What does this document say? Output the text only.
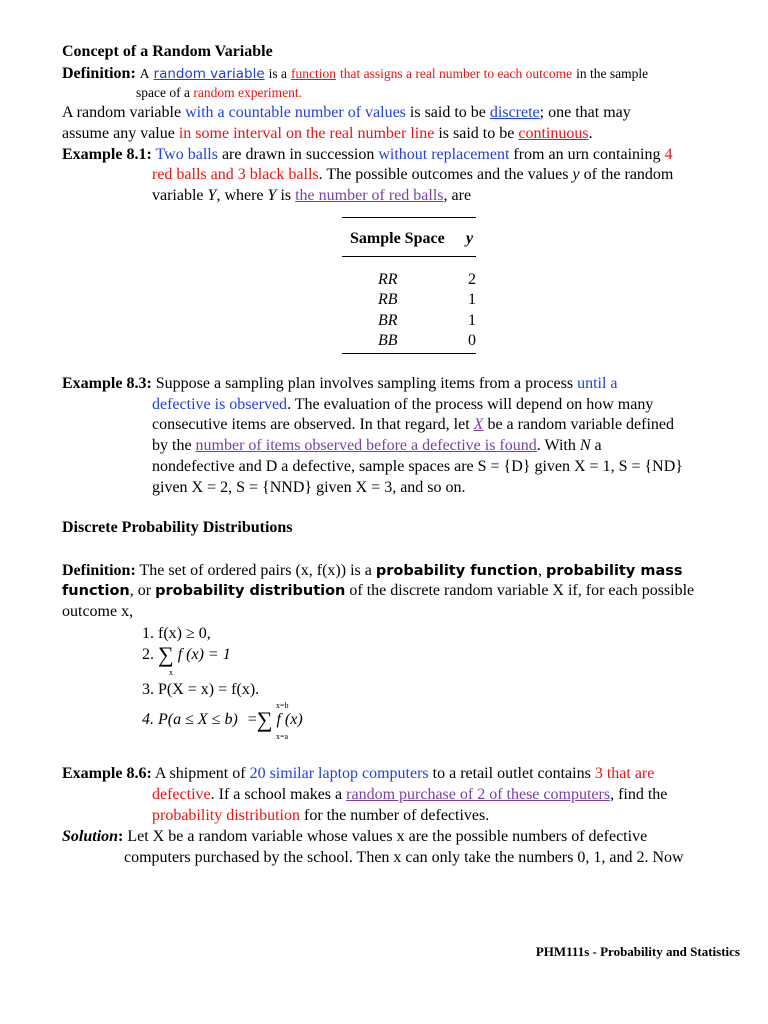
Concept of a Random Variable
Definition: A random variable is a function that assigns a real number to each outcome in the sample
space of a random experiment.
A random variable with a countable number of values is said to be discrete; one that may
assume any value in some interval on the real number line is said to be continuous.
Example 8.1: Two balls are drawn in succession without replacement from an urn containing 4
red balls and 3 black balls. The possible outcomes and the values y of the random
variable Y, where Y is the number of red balls, are
Sample Space y
RR	2
RB	1
BR	1
BB	0
Example 8.3: Suppose a sampling plan involves sampling items from a process until a
defective is observed. The evaluation of the process will depend on how many
consecutive items are observed. In that regard, let X be a random variable defined
by the number of items observed before a defective is found. With N a
nondefective and D a defective, sample spaces are S = {D} given X = 1, S = {ND}
given X = 2, S = {NND} given X = 3, and so on.
Discrete Probability Distributions
Definition: The set of ordered pairs (x, f(x)) is a probability function, probability mass
function, or probability distribution of the discrete random variable X if, for each possible
outcome x,
1. f(x) ≥ 0,
2. ∑ f (x) = 1
x
3. P(X = x) = f(x).
x=b
4. P(a ≤ X ≤ b) =∑ f (x)
x=a
Example 8.6: A shipment of 20 similar laptop computers to a retail outlet contains 3 that are
defective. If a school makes a random purchase of 2 of these computers, find the
probability distribution for the number of defectives.
Solution: Let X be a random variable whose values x are the possible numbers of defective
computers purchased by the school. Then x can only take the numbers 0, 1, and 2. Now
PHM111s - Probability and Statistics
